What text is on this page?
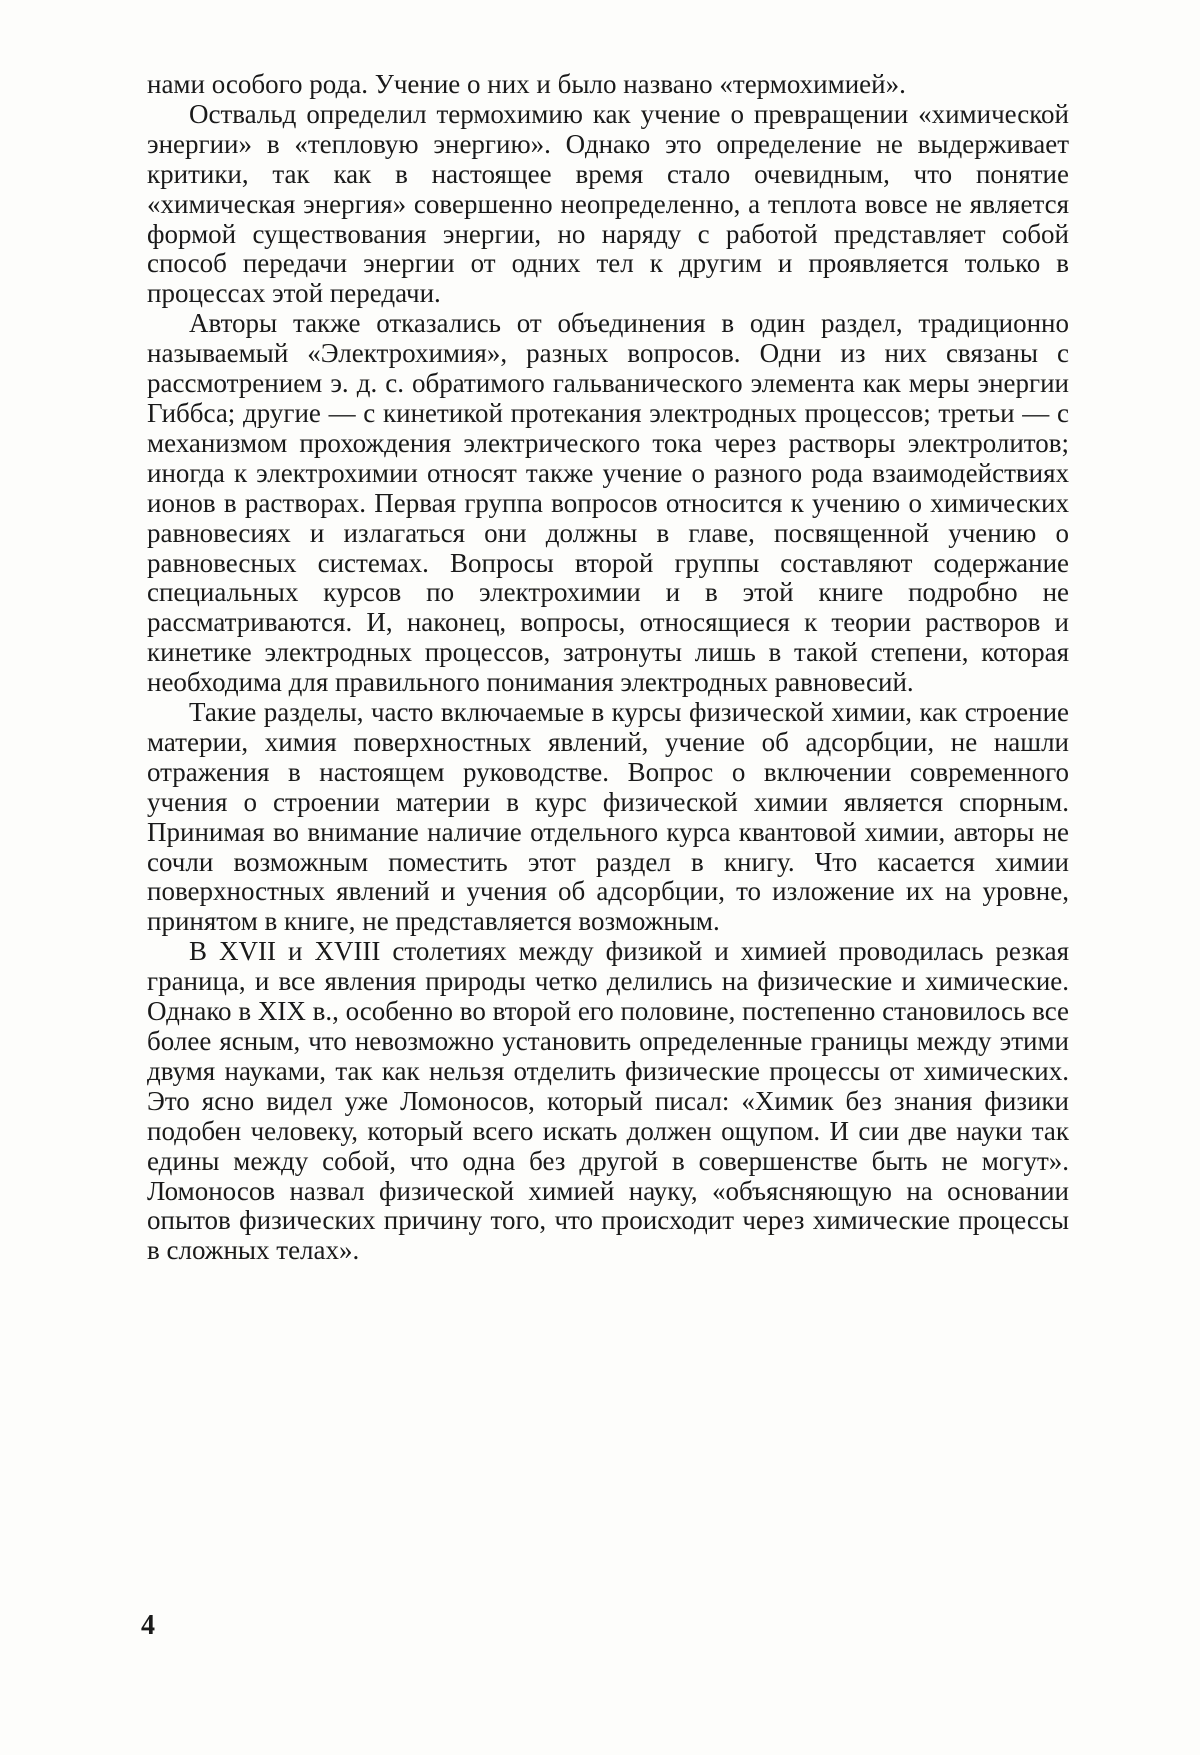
нами особого рода. Учение о них и было названо «термохимией».

Оствальд определил термохимию как учение о превращении «химической энергии» в «тепловую энергию». Однако это определение не выдерживает критики, так как в настоящее время стало очевидным, что понятие «химическая энергия» совершенно неопределенно, а теплота вовсе не является формой существования энергии, но наряду с работой представляет собой способ передачи энергии от одних тел к другим и проявляется только в процессах этой передачи.

Авторы также отказались от объединения в один раздел, традиционно называемый «Электрохимия», разных вопросов. Одни из них связаны с рассмотрением э. д. с. обратимого гальванического элемента как меры энергии Гиббса; другие — с кинетикой протекания электродных процессов; третьи — с механизмом прохождения электрического тока через растворы электролитов; иногда к электрохимии относят также учение о разного рода взаимодействиях ионов в растворах. Первая группа вопросов относится к учению о химических равновесиях и излагаться они должны в главе, посвященной учению о равновесных системах. Вопросы второй группы составляют содержание специальных курсов по электрохимии и в этой книге подробно не рассматриваются. И, наконец, вопросы, относящиеся к теории растворов и кинетике электродных процессов, затронуты лишь в такой степени, которая необходима для правильного понимания электродных равновесий.

Такие разделы, часто включаемые в курсы физической химии, как строение материи, химия поверхностных явлений, учение об адсорбции, не нашли отражения в настоящем руководстве. Вопрос о включении современного учения о строении материи в курс физической химии является спорным. Принимая во внимание наличие отдельного курса квантовой химии, авторы не сочли возможным поместить этот раздел в книгу. Что касается химии поверхностных явлений и учения об адсорбции, то изложение их на уровне, принятом в книге, не представляется возможным.

В XVII и XVIII столетиях между физикой и химией проводилась резкая граница, и все явления природы четко делились на физические и химические. Однако в XIX в., особенно во второй его половине, постепенно становилось все более ясным, что невозможно установить определенные границы между этими двумя науками, так как нельзя отделить физические процессы от химических. Это ясно видел уже Ломоносов, который писал: «Химик без знания физики подобен человеку, который всего искать должен ощупом. И сии две науки так едины между собой, что одна без другой в совершенстве быть не могут». Ломоносов назвал физической химией науку, «объясняющую на основании опытов физических причину того, что происходит через химические процессы в сложных телах».

4
